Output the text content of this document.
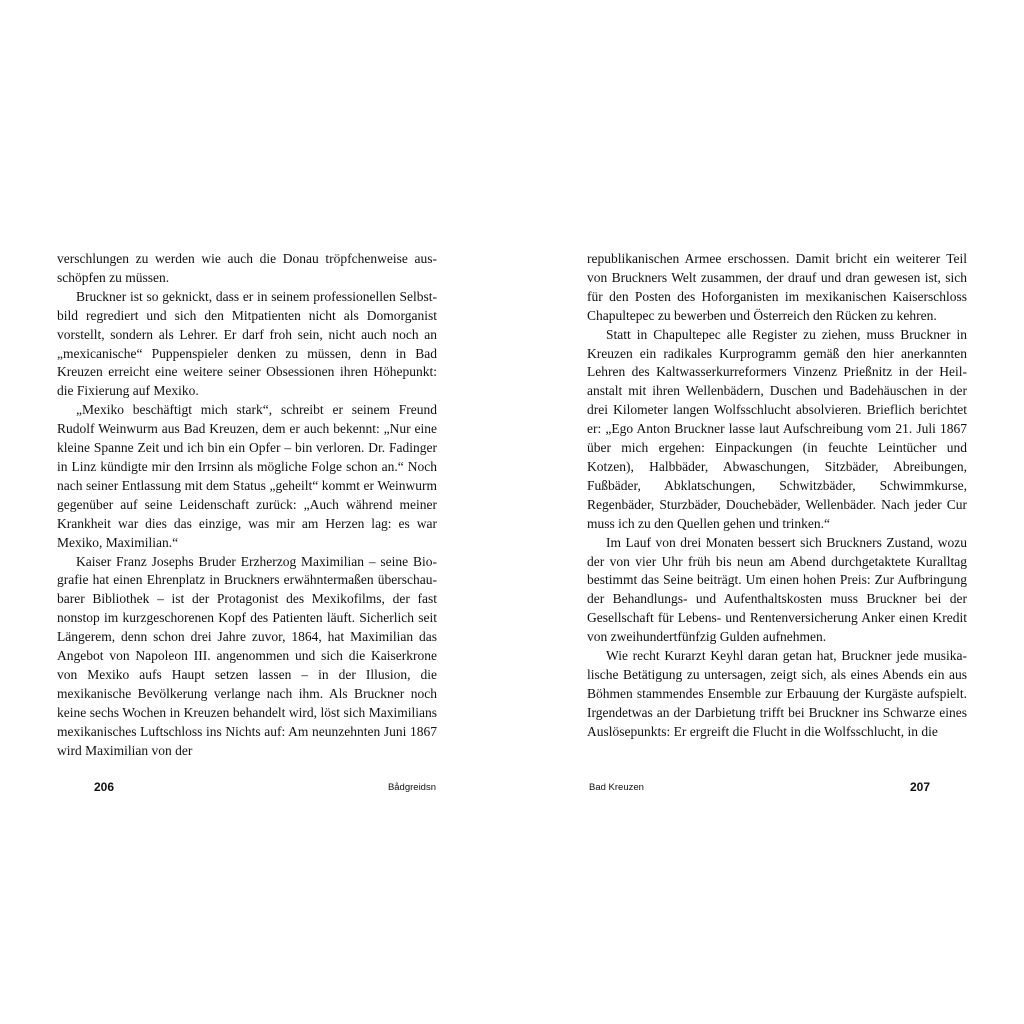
verschlungen zu werden wie auch die Donau tröpfchenweise ausschöpfen zu müssen.

Bruckner ist so geknickt, dass er in seinem professionellen Selbstbild regrediert und sich den Mitpatienten nicht als Domorganist vorstellt, sondern als Lehrer. Er darf froh sein, nicht auch noch an „mexicanische“ Puppenspieler denken zu müssen, denn in Bad Kreuzen erreicht eine weitere seiner Obsessionen ihren Höhepunkt: die Fixierung auf Mexiko.

„Mexiko beschäftigt mich stark“, schreibt er seinem Freund Rudolf Weinwurm aus Bad Kreuzen, dem er auch bekennt: „Nur eine kleine Spanne Zeit und ich bin ein Opfer – bin verloren. Dr. Fadinger in Linz kündigte mir den Irrsinn als mögliche Folge schon an.“ Noch nach seiner Entlassung mit dem Status „geheilt“ kommt er Weinwurm gegenüber auf seine Leidenschaft zurück: „Auch während meiner Krankheit war dies das einzige, was mir am Herzen lag: es war Mexiko, Maximilian.“

Kaiser Franz Josephs Bruder Erzherzog Maximilian – seine Biografie hat einen Ehrenplatz in Bruckners erwähntermaßen überschaubarer Bibliothek – ist der Protagonist des Mexikofilms, der fast nonstop im kurzgeschorenen Kopf des Patienten läuft. Sicherlich seit Längerem, denn schon drei Jahre zuvor, 1864, hat Maximilian das Angebot von Napoleon III. angenommen und sich die Kaiserkrone von Mexiko aufs Haupt setzen lassen – in der Illusion, die mexikanische Bevölkerung verlange nach ihm. Als Bruckner noch keine sechs Wochen in Kreuzen behandelt wird, löst sich Maximilians mexikanisches Luftschloss ins Nichts auf: Am neunzehnten Juni 1867 wird Maximilian von der

206	Bådgreidsn

republikanischen Armee erschossen. Damit bricht ein weiterer Teil von Bruckners Welt zusammen, der drauf und dran gewesen ist, sich für den Posten des Hoforganisten im mexikanischen Kaiserschloss Chapultepec zu bewerben und Österreich den Rücken zu kehren.

Statt in Chapultepec alle Register zu ziehen, muss Bruckner in Kreuzen ein radikales Kurprogramm gemäß den hier anerkannten Lehren des Kaltwasserkurreformers Vinzenz Prießnitz in der Heilanstalt mit ihren Wellenbädern, Duschen und Badehäuschen in der drei Kilometer langen Wolfsschlucht absolvieren. Brieflich berichtet er: „Ego Anton Bruckner lasse laut Aufschreibung vom 21. Juli 1867 über mich ergehen: Einpackungen (in feuchte Leintücher und Kotzen), Halbbäder, Abwaschungen, Sitzbäder, Abreibungen, Fußbäder, Abklatschungen, Schwitzbäder, Schwimmkurse, Regenbäder, Sturzbäder, Douchebäder, Wellenbäder. Nach jeder Cur muss ich zu den Quellen gehen und trinken.“

Im Lauf von drei Monaten bessert sich Bruckners Zustand, wozu der von vier Uhr früh bis neun am Abend durchgetaktete Kuralltag bestimmt das Seine beiträgt. Um einen hohen Preis: Zur Aufbringung der Behandlungs- und Aufenthaltskosten muss Bruckner bei der Gesellschaft für Lebens- und Rentenversicherung Anker einen Kredit von zweihundertfünfzig Gulden aufnehmen.

Wie recht Kurarzt Keyhl daran getan hat, Bruckner jede musikalische Betätigung zu untersagen, zeigt sich, als eines Abends ein aus Böhmen stammendes Ensemble zur Erbauung der Kurgäste aufspielt. Irgendetwas an der Darbietung trifft bei Bruckner ins Schwarze eines Auslösepunkts: Er ergreift die Flucht in die Wolfsschlucht, in die

Bad Kreuzen	207
